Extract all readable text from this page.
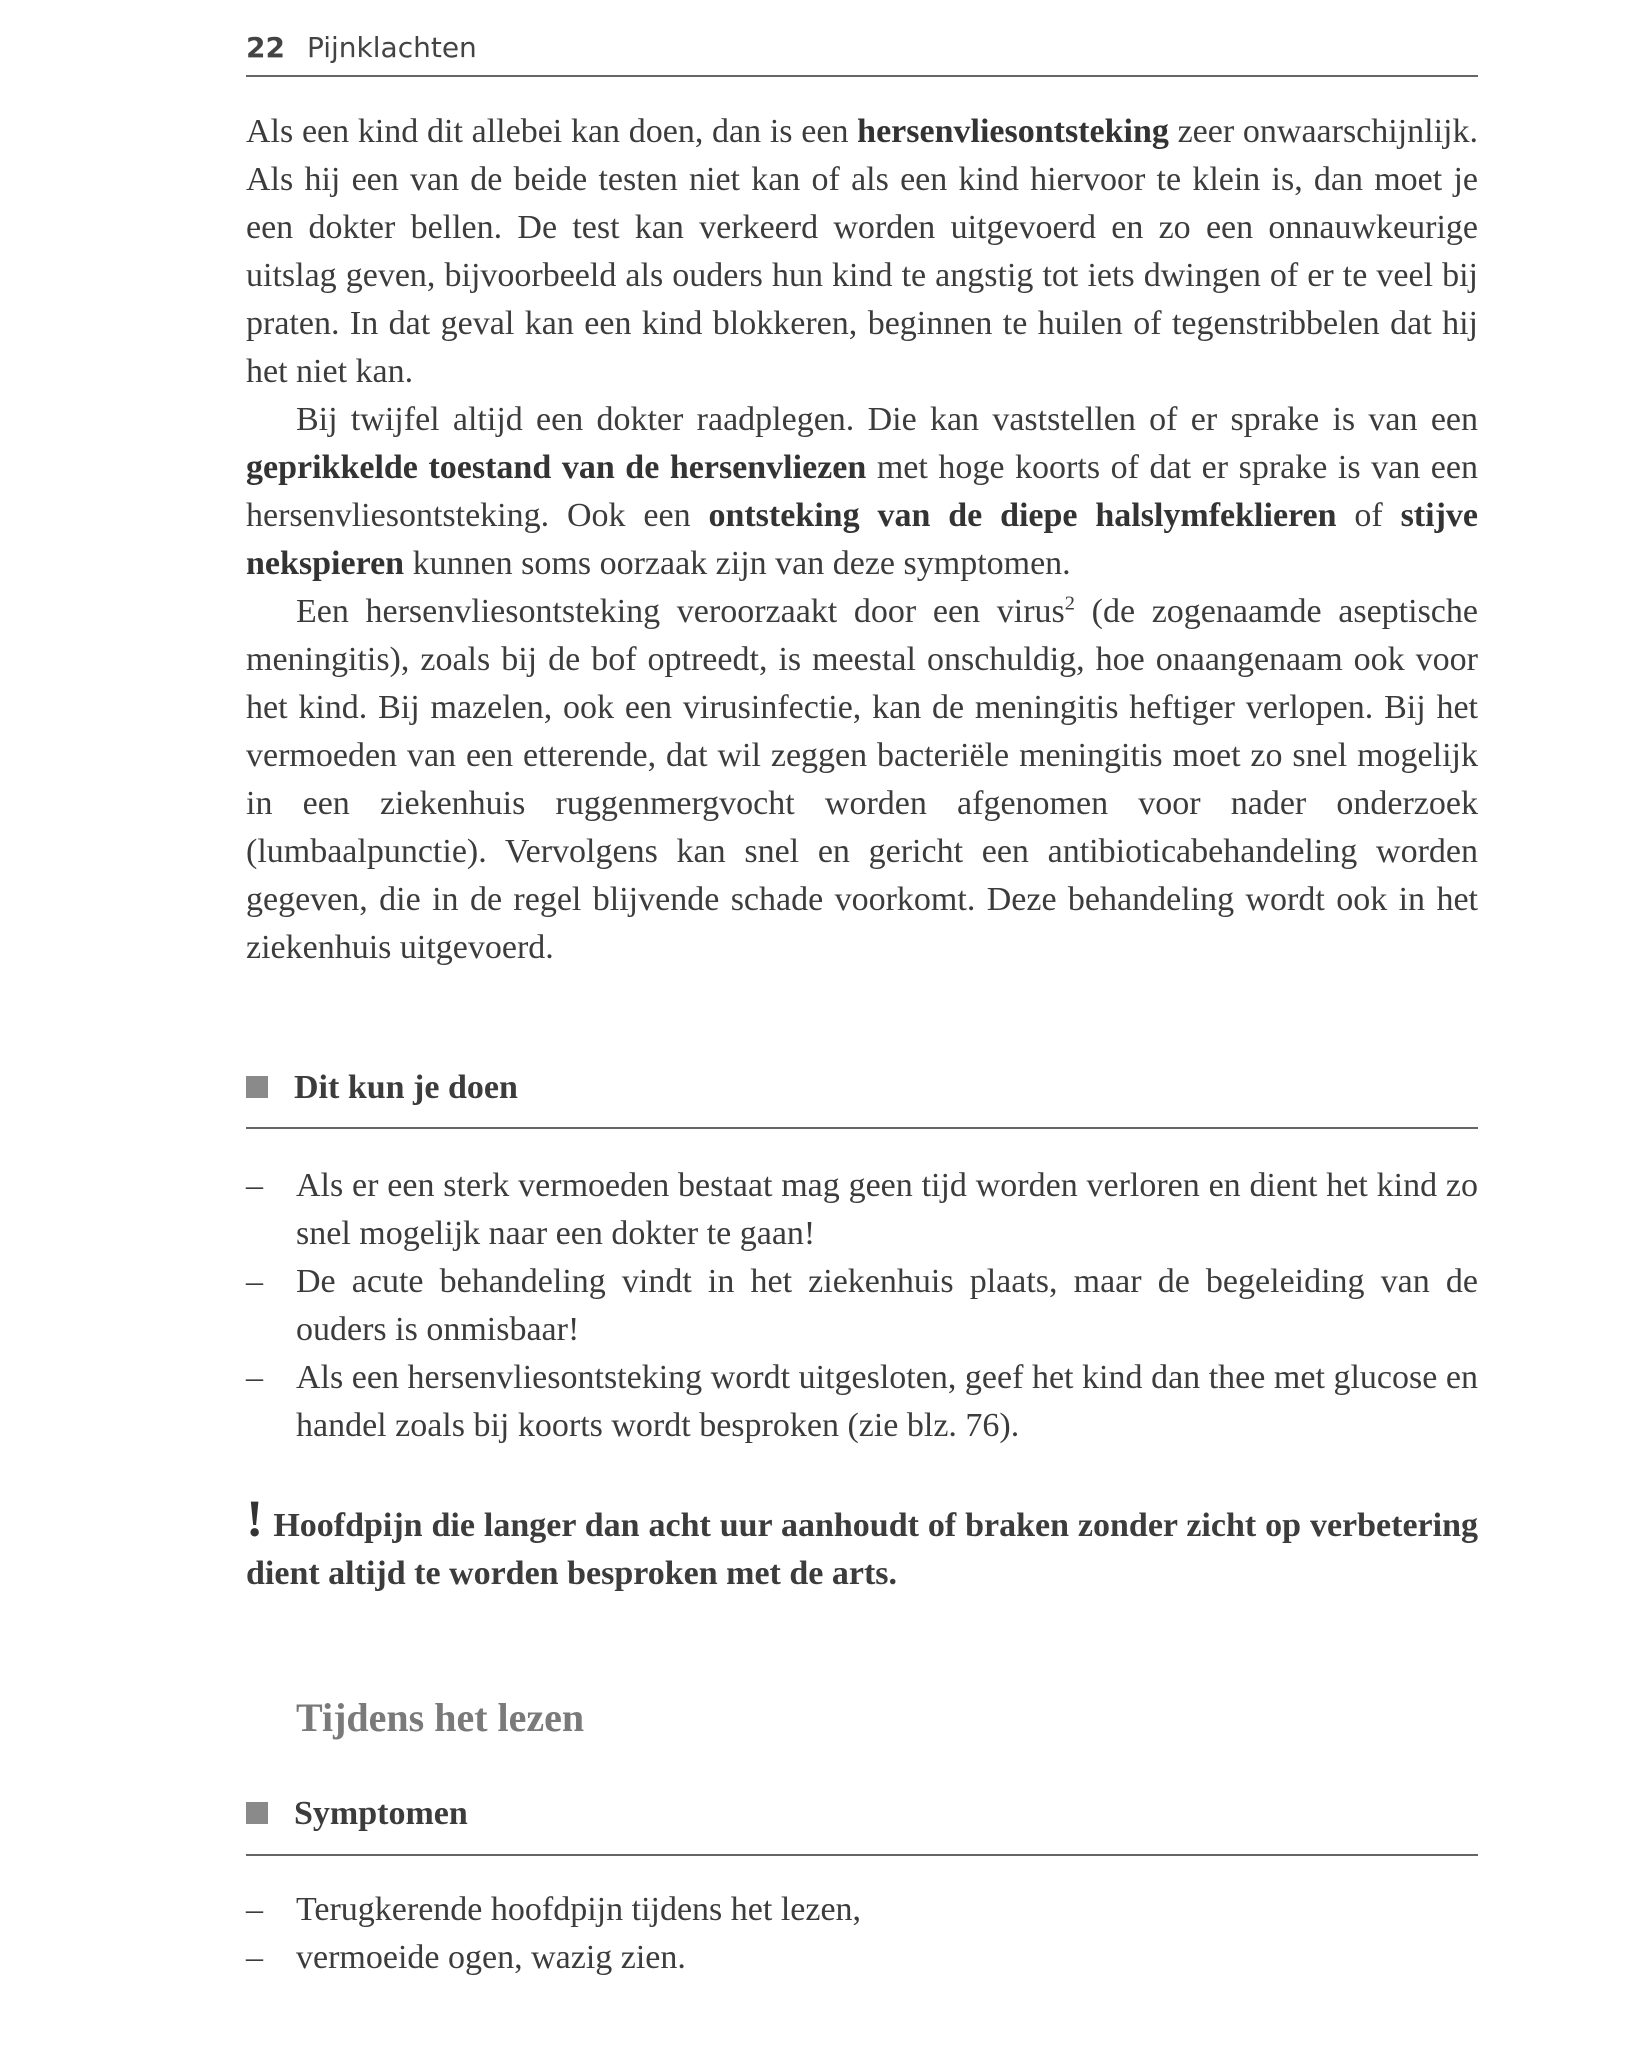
22 Pijnklachten

Als een kind dit allebei kan doen, dan is een hersenvliesontsteking zeer onwaarschijnlijk. Als hij een van de beide testen niet kan of als een kind hiervoor te klein is, dan moet je een dokter bellen. De test kan verkeerd worden uitgevoerd en zo een onnauwkeurige uitslag geven, bijvoorbeeld als ouders hun kind te angstig tot iets dwingen of er te veel bij praten. In dat geval kan een kind blokkeren, beginnen te huilen of tegenstribbelen dat hij het niet kan.

Bij twijfel altijd een dokter raadplegen. Die kan vaststellen of er sprake is van een geprikkelde toestand van de hersenvliezen met hoge koorts of dat er sprake is van een hersenvliesontsteking. Ook een ontsteking van de diepe halslymfeklieren of stijve nekspieren kunnen soms oorzaak zijn van deze symptomen.

Een hersenvliesontsteking veroorzaakt door een virus$^2$ (de zogenaamde aseptische meningitis), zoals bij de bof optreedt, is meestal onschuldig, hoe onaangenaam ook voor het kind. Bij mazelen, ook een virusinfectie, kan de meningitis heftiger verlopen. Bij het vermoeden van een etterende, dat wil zeggen bacteriële meningitis moet zo snel mogelijk in een ziekenhuis ruggenmergvocht worden afgenomen voor nader onderzoek (lumbaalpunctie). Vervolgens kan snel en gericht een antibioticabehandeling worden gegeven, die in de regel blijvende schade voorkomt. Deze behandeling wordt ook in het ziekenhuis uitgevoerd.

Dit kun je doen
– Als er een sterk vermoeden bestaat mag geen tijd worden verloren en dient het kind zo snel mogelijk naar een dokter te gaan!
– De acute behandeling vindt in het ziekenhuis plaats, maar de begeleiding van de ouders is onmisbaar!
– Als een hersenvliesontsteking wordt uitgesloten, geef het kind dan thee met glucose en handel zoals bij koorts wordt besproken (zie blz. 76).
! Hoofdpijn die langer dan acht uur aanhoudt of braken zonder zicht op verbetering dient altijd te worden besproken met de arts.
Tijdens het lezen
Symptomen
– Terugkerende hoofdpijn tijdens het lezen,
– vermoeide ogen, wazig zien.
